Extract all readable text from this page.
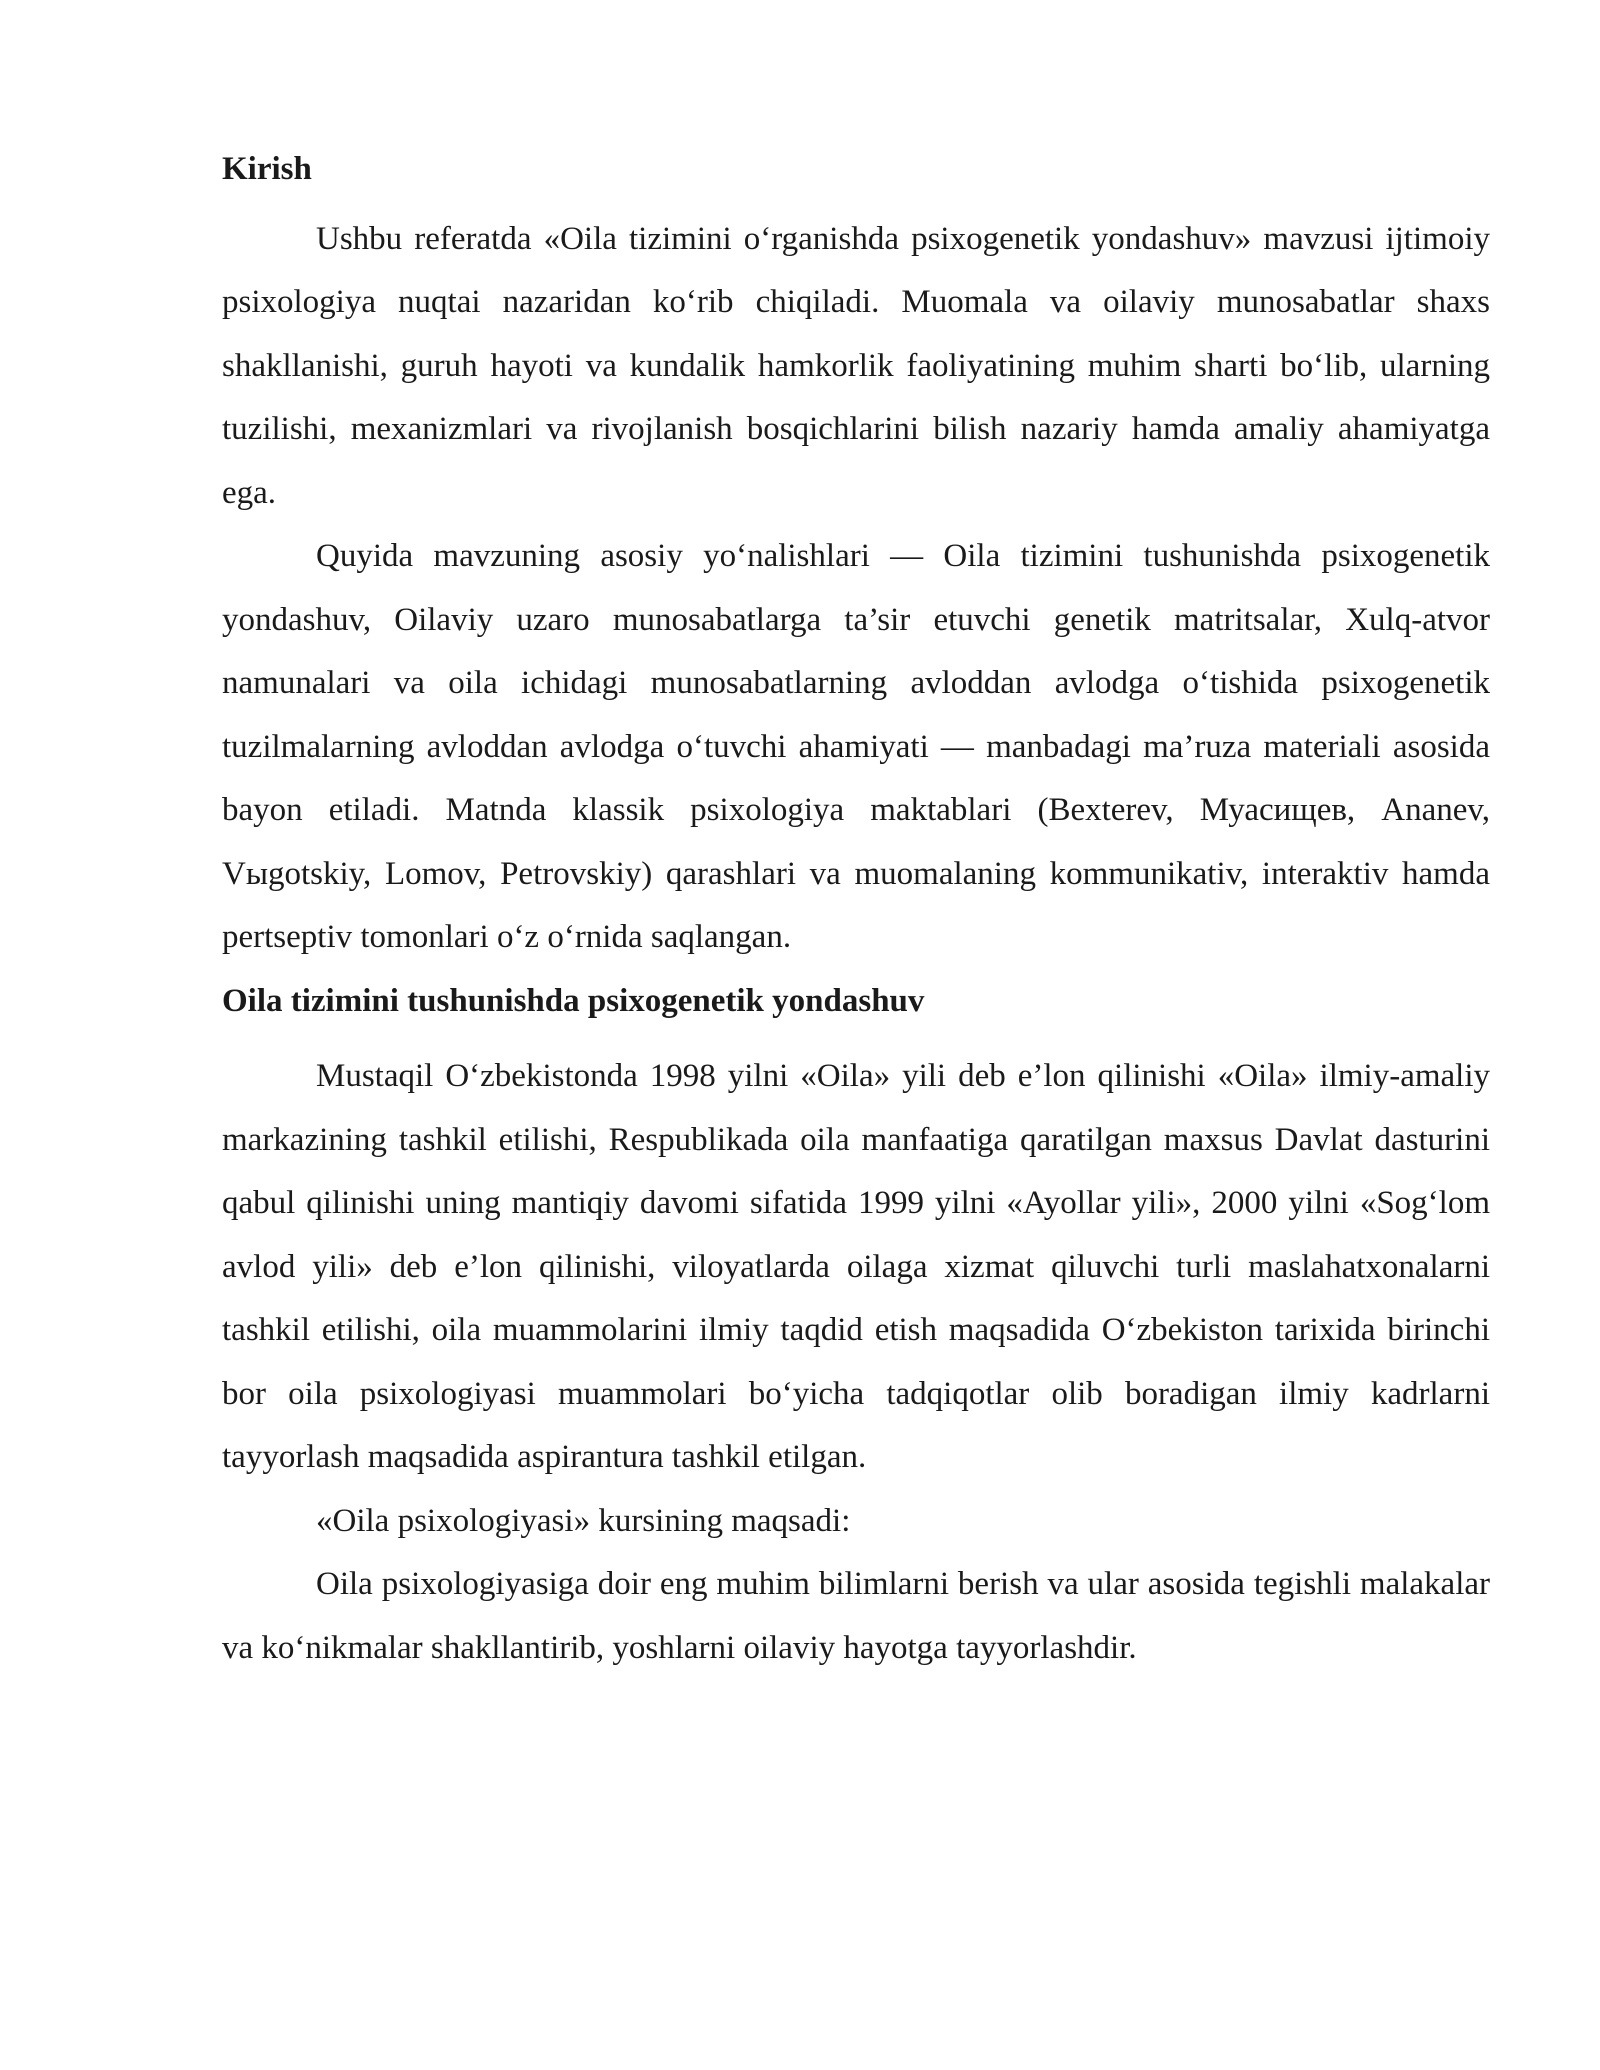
Kirish

Ushbu referatda «Oila tizimini oʻrganishda psixogenetik yondashuv» mavzusi ijtimoiy psixologiya nuqtai nazaridan koʻrib chiqiladi. Muomala va oilaviy munosabatlar shaxs shakllanishi, guruh hayoti va kundalik hamkorlik faoliyatining muhim sharti boʻlib, ularning tuzilishi, mexanizmlari va rivojlanish bosqichlarini bilish nazariy hamda amaliy ahamiyatga ega.

Quyida mavzuning asosiy yoʻnalishlari — Oila tizimini tushunishda psixogenetik yondashuv, Oilaviy uzaro munosabatlarga ta’sir etuvchi genetik matritsalar, Xulq-atvor namunalari va oila ichidagi munosabatlarning avloddan avlodga oʻtishida psixogenetik tuzilmalarning avloddan avlodga oʻtuvchi ahamiyati — manbadagi ma’ruza materiali asosida bayon etiladi. Matnda klassik psixologiya maktablari (Bexterev, Муасищев, Ananev, Vыgotskiy, Lomov, Petrovskiy) qarashlari va muomalaning kommunikativ, interaktiv hamda pertseptiv tomonlari oʻz oʻrnida saqlangan.

Oila tizimini tushunishda psixogenetik yondashuv

Mustaqil Oʻzbekistonda 1998 yilni «Oila» yili deb e’lon qilinishi «Oila» ilmiy-amaliy markazining tashkil etilishi, Respublikada oila manfaatiga qaratilgan maxsus Davlat dasturini qabul qilinishi uning mantiqiy davomi sifatida 1999 yilni «Ayollar yili», 2000 yilni «Sogʻlom avlod yili» deb e’lon qilinishi, viloyatlarda oilaga xizmat qiluvchi turli maslahatxonalarni tashkil etilishi, oila muammolarini ilmiy taqdid etish maqsadida Oʻzbekiston tarixida birinchi bor oila psixologiyasi muammolari boʻyicha tadqiqotlar olib boradigan ilmiy kadrlarni tayyorlash maqsadida aspirantura tashkil etilgan.

«Oila psixologiyasi» kursining maqsadi:

Oila psixologiyasiga doir eng muhim bilimlarni berish va ular asosida tegishli malakalar va koʻnikmalar shakllantirib, yoshlarni oilaviy hayotga tayyorlashdir.
